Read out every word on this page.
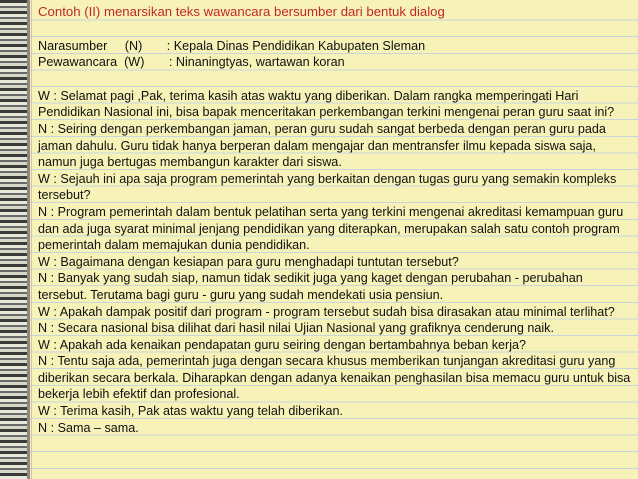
Contoh (II) menarsikan teks wawancara bersumber dari bentuk dialog
Narasumber (N) : Kepala Dinas Pendidikan Kabupaten Sleman
Pewawancara (W) : Ninaningtyas, wartawan koran
W : Selamat pagi ,Pak, terima kasih atas waktu yang diberikan. Dalam rangka memperingati Hari Pendidikan Nasional ini, bisa bapak menceritakan perkembangan terkini mengenai peran guru saat ini?
N : Seiring dengan perkembangan jaman, peran guru sudah sangat berbeda dengan peran guru pada jaman dahulu. Guru tidak hanya berperan dalam mengajar dan mentransfer ilmu kepada siswa saja, namun juga bertugas membangun karakter dari siswa.
W : Sejauh ini apa saja program pemerintah yang berkaitan dengan tugas guru yang semakin kompleks tersebut?
N : Program pemerintah dalam bentuk pelatihan serta yang terkini mengenai akreditasi kemampuan guru dan ada juga syarat minimal jenjang pendidikan yang diterapkan, merupakan salah satu contoh program pemerintah dalam memajukan dunia pendidikan.
W : Bagaimana dengan kesiapan para guru menghadapi tuntutan tersebut?
N : Banyak yang sudah siap, namun tidak sedikit juga yang kaget dengan perubahan - perubahan tersebut. Terutama bagi guru - guru yang sudah mendekati usia pensiun.
W : Apakah dampak positif dari program - program tersebut sudah bisa dirasakan atau minimal terlihat?
N : Secara nasional bisa dilihat dari hasil nilai Ujian Nasional yang grafiknya cenderung naik.
W : Apakah ada kenaikan pendapatan guru seiring dengan bertambahnya beban kerja?
N : Tentu saja ada, pemerintah juga dengan secara khusus memberikan tunjangan akreditasi guru yang diberikan secara berkala. Diharapkan dengan adanya kenaikan penghasilan bisa memacu guru untuk bisa bekerja lebih efektif dan profesional.
W : Terima kasih, Pak atas waktu yang telah diberikan.
N : Sama – sama.
